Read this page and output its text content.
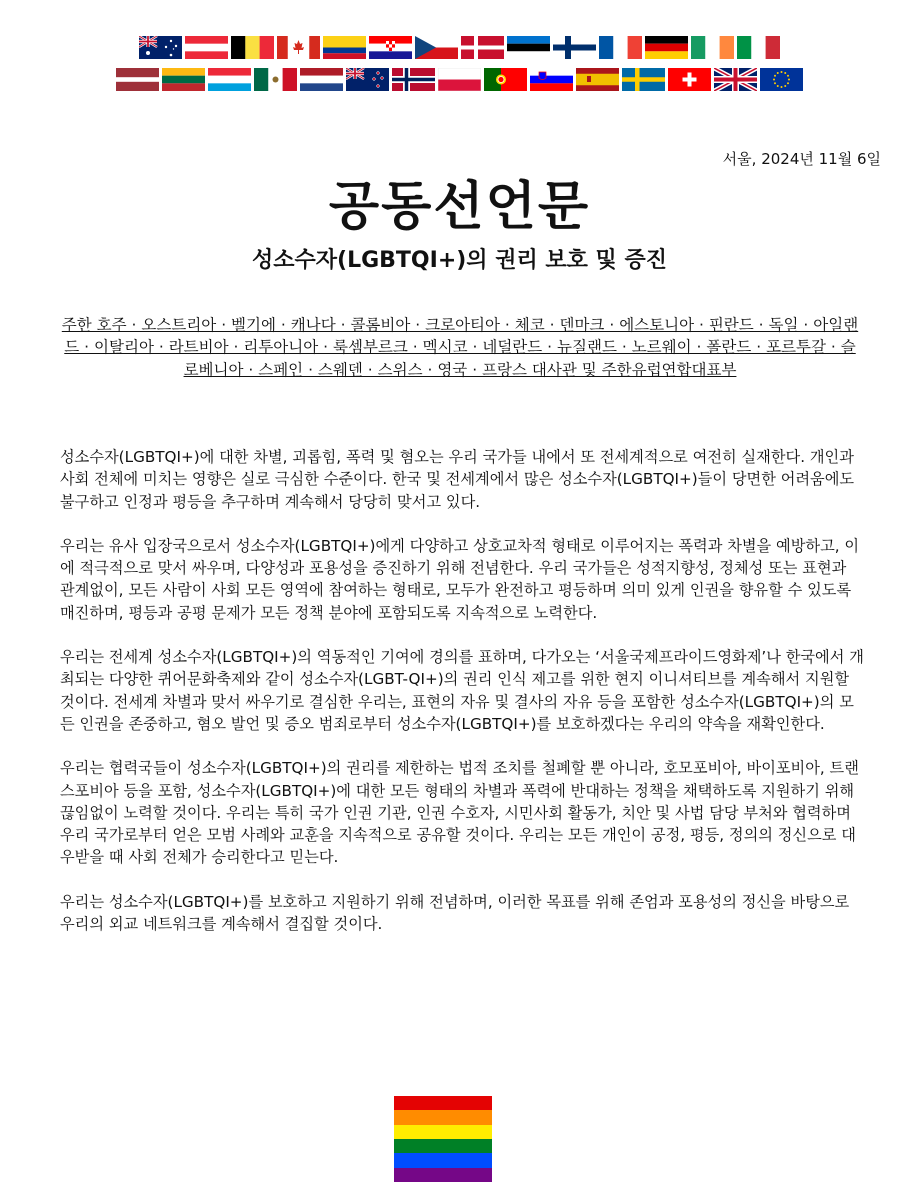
서울, 2024년 11월 6일
공동선언문
성소수자(LGBTQI+)의 권리 보호 및 증진

주한 호주 · 오스트리아 · 벨기에 · 캐나다 · 콜롬비아 · 크로아티아 · 체코 · 덴마크 · 에스토니아 · 핀란드 · 독일 · 아일랜드 · 이탈리아 · 라트비아 · 리투아니아 · 룩셈부르크 · 멕시코 · 네덜란드 · 뉴질랜드 · 노르웨이 · 폴란드 · 포르투갈 · 슬로베니아 · 스페인 · 스웨덴 · 스위스 · 영국 · 프랑스 대사관 및 주한유럽연합대표부

성소수자(LGBTQI+)에 대한 차별, 괴롭힘, 폭력 및 혐오는 우리 국가들 내에서 또 전세계적으로 여전히 실재한다. 개인과 사회 전체에 미치는 영향은 실로 극심한 수준이다. 한국 및 전세계에서 많은 성소수자(LGBTQI+)들이 당면한 어려움에도 불구하고 인정과 평등을 추구하며 계속해서 당당히 맞서고 있다.

우리는 유사 입장국으로서 성소수자(LGBTQI+)에게 다양하고 상호교차적 형태로 이루어지는 폭력과 차별을 예방하고, 이에 적극적으로 맞서 싸우며, 다양성과 포용성을 증진하기 위해 전념한다. 우리 국가들은 성적지향성, 정체성 또는 표현과 관계없이, 모든 사람이 사회 모든 영역에 참여하는 형태로, 모두가 완전하고 평등하며 의미 있게 인권을 향유할 수 있도록 매진하며, 평등과 공평 문제가 모든 정책 분야에 포함되도록 지속적으로 노력한다.

우리는 전세계 성소수자(LGBTQI+)의 역동적인 기여에 경의를 표하며, 다가오는 ‘서울국제프라이드영화제’나 한국에서 개최되는 다양한 퀴어문화축제와 같이 성소수자(LGBT-QI+)의 권리 인식 제고를 위한 현지 이니셔티브를 계속해서 지원할 것이다. 전세계 차별과 맞서 싸우기로 결심한 우리는, 표현의 자유 및 결사의 자유 등을 포함한 성소수자(LGBTQI+)의 모든 인권을 존중하고, 혐오 발언 및 증오 범죄로부터 성소수자(LGBTQI+)를 보호하겠다는 우리의 약속을 재확인한다.

우리는 협력국들이 성소수자(LGBTQI+)의 권리를 제한하는 법적 조치를 철폐할 뿐 아니라, 호모포비아, 바이포비아, 트랜스포비아 등을 포함, 성소수자(LGBTQI+)에 대한 모든 형태의 차별과 폭력에 반대하는 정책을 채택하도록 지원하기 위해 끊임없이 노력할 것이다. 우리는 특히 국가 인권 기관, 인권 수호자, 시민사회 활동가, 치안 및 사법 담당 부처와 협력하며 우리 국가로부터 얻은 모범 사례와 교훈을 지속적으로 공유할 것이다. 우리는 모든 개인이 공정, 평등, 정의의 정신으로 대우받을 때 사회 전체가 승리한다고 믿는다.

우리는 성소수자(LGBTQI+)를 보호하고 지원하기 위해 전념하며, 이러한 목표를 위해 존엄과 포용성의 정신을 바탕으로 우리의 외교 네트워크를 계속해서 결집할 것이다.
